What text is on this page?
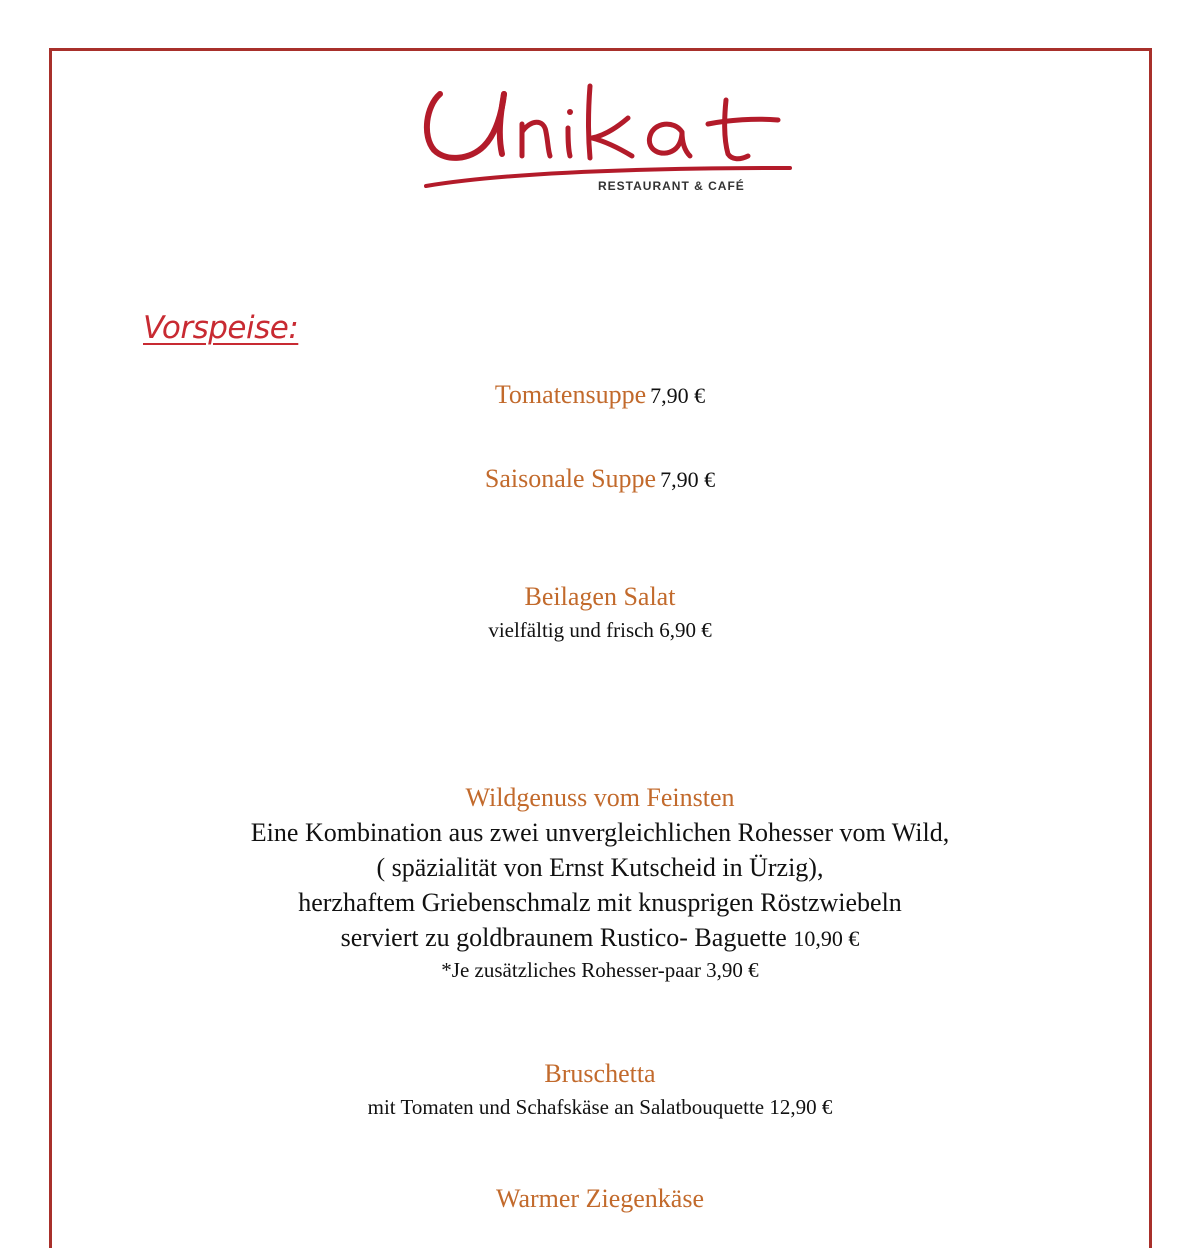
RESTAURANT & CAFÉ
Vorspeise:
Tomatensuppe 7,90 €
Saisonale Suppe 7,90 €
Beilagen Salat
vielfältig und frisch 6,90 €
Wildgenuss vom Feinsten
Eine Kombination aus zwei unvergleichlichen Rohesser vom Wild,
( späzialität von Ernst Kutscheid in Ürzig),
herzhaftem Griebenschmalz mit knusprigen Röstzwiebeln
serviert zu goldbraunem Rustico- Baguette 10,90 €
*Je zusätzliches Rohesser-paar 3,90 €
Bruschetta
mit Tomaten und Schafskäse an Salatbouquette 12,90 €
Warmer Ziegenkäse
